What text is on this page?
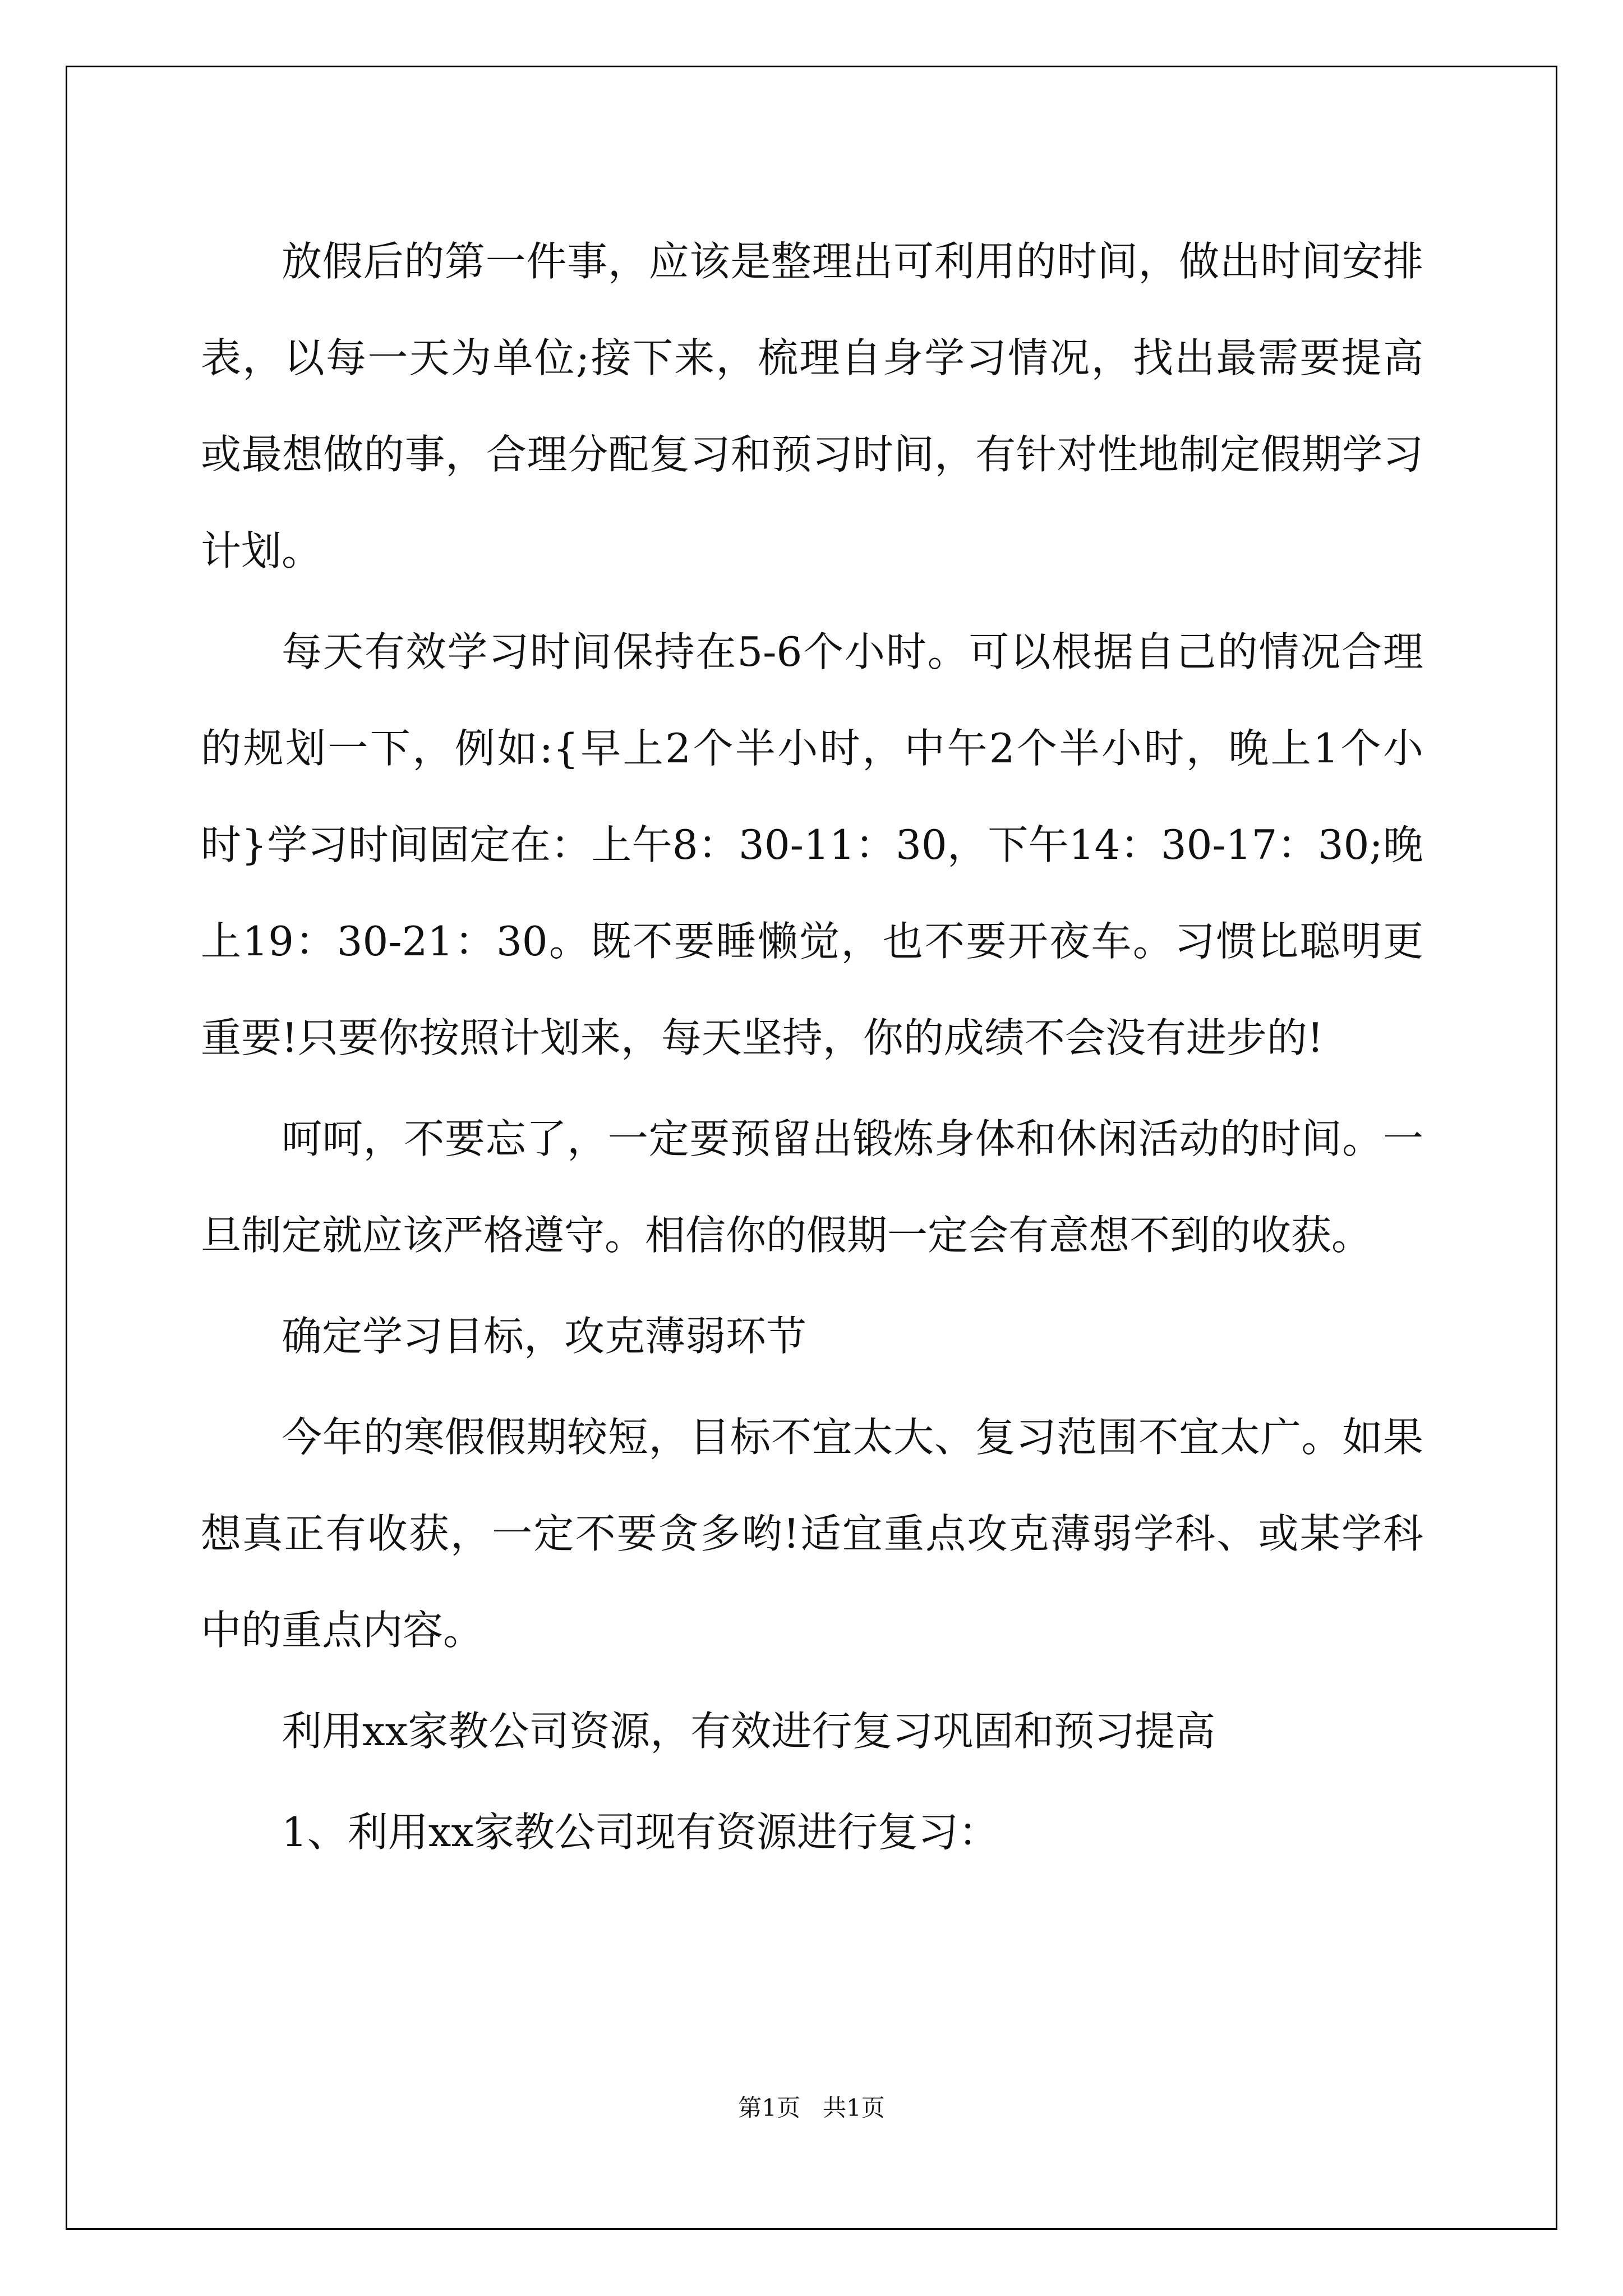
放假后的第一件事，应该是整理出可利用的时间，做出时间安排表，以每一天为单位;接下来，梳理自身学习情况，找出最需要提高或最想做的事，合理分配复习和预习时间，有针对性地制定假期学习计划。

每天有效学习时间保持在5-6个小时。可以根据自己的情况合理的规划一下，例如:{早上2个半小时，中午2个半小时，晚上1个小时}学习时间固定在：上午8：30-11：30，下午14：30-17：30;晚上19：30-21：30。既不要睡懒觉，也不要开夜车。习惯比聪明更重要!只要你按照计划来，每天坚持，你的成绩不会没有进步的!

呵呵，不要忘了，一定要预留出锻炼身体和休闲活动的时间。一旦制定就应该严格遵守。相信你的假期一定会有意想不到的收获。

确定学习目标，攻克薄弱环节

今年的寒假假期较短，目标不宜太大、复习范围不宜太广。如果想真正有收获，一定不要贪多哟!适宜重点攻克薄弱学科、或某学科中的重点内容。

利用xx家教公司资源，有效进行复习巩固和预习提高

1、利用xx家教公司现有资源进行复习：

第1页   共1页
